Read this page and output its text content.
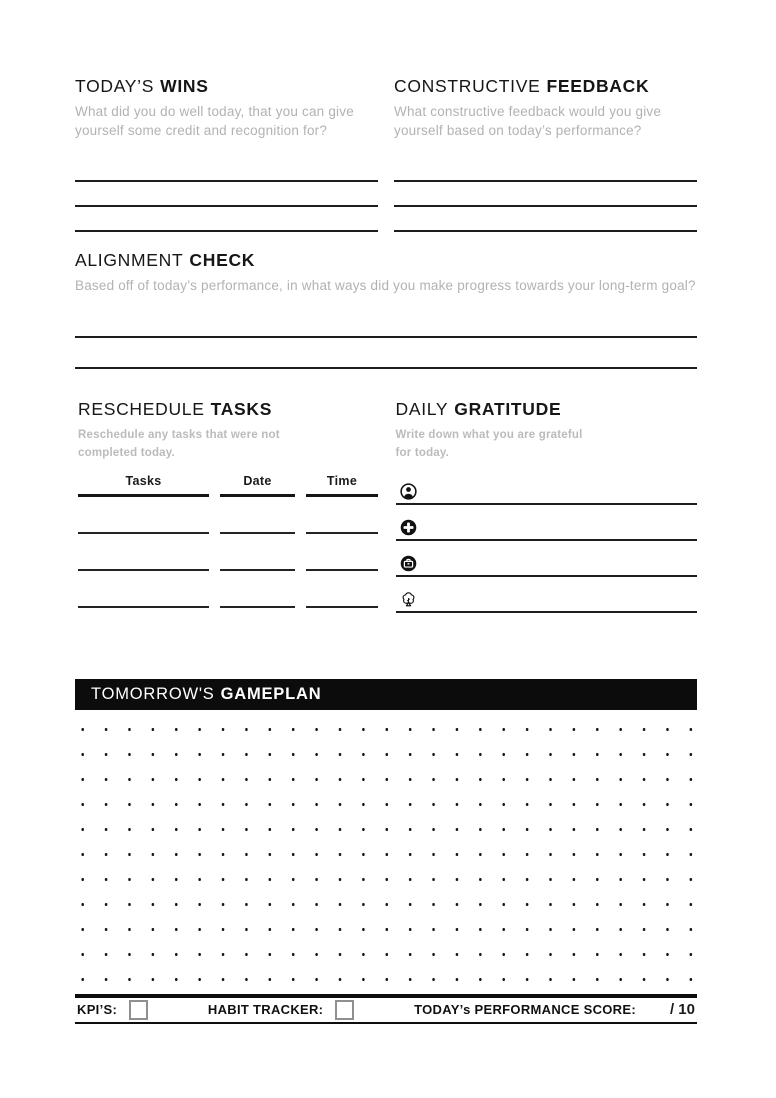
TODAY’S WINS
What did you do well today, that you can give yourself some credit and recognition for?
CONSTRUCTIVE FEEDBACK
What constructive feedback would you give yourself based on today’s performance?
ALIGNMENT CHECK
Based off of today’s performance, in what ways did you make progress towards your long-term goal?
RESCHEDULE TASKS
Reschedule any tasks that were not completed today.
Tasks	Date	Time
DAILY GRATITUDE
Write down what you are grateful for today.
TOMORROW'S GAMEPLAN
KPI’S:	HABIT TRACKER:	TODAY’s PERFORMANCE SCORE: / 10
